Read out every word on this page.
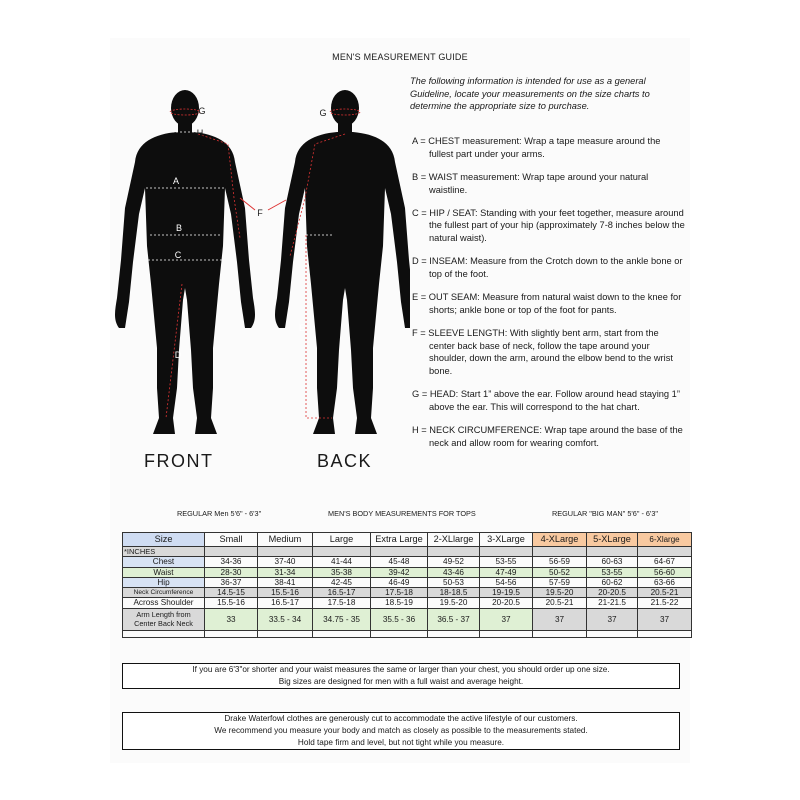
MEN'S MEASUREMENT GUIDE
The following information is intended for use as a general Guideline, locate your measurements on the size charts to determine the appropriate size to purchase.

A = CHEST measurement: Wrap a tape measure around the fullest part under your arms.

B = WAIST measurement: Wrap tape around your natural waistline.

C = HIP / SEAT: Standing with your feet together, measure around the fullest part of your hip (approximately 7-8 inches below the natural waist).

D = INSEAM: Measure from the Crotch down to the ankle bone or top of the foot.

E = OUT SEAM: Measure from natural waist down to the knee for shorts; ankle bone or top of the foot for pants.

F = SLEEVE LENGTH: With slightly bent arm, start from the center back base of neck, follow the tape around your shoulder, down the arm, around the elbow bend to the wrist bone.

G = HEAD: Start 1” above the ear. Follow around head staying 1” above the ear. This will correspond to the hat chart.

H = NECK CIRCUMFERENCE: Wrap tape around the base of the neck and allow room for wearing comfort.

A
B
C
D
E
F
G
H
G
FRONT	BACK
REGULAR Men 5'6" - 6'3"	MEN'S BODY MEASUREMENTS FOR TOPS	REGULAR "BIG MAN" 5'6" - 6'3"
Size	Small	Medium	Large	Extra Large	2-XLlarge	3-XLarge	4-XLarge	5-XLarge	6-Xlarge
*INCHES									
Chest	34-36	37-40	41-44	45-48	49-52	53-55	56-59	60-63	64-67
Waist	28-30	31-34	35-38	39-42	43-46	47-49	50-52	53-55	56-60
Hip	36-37	38-41	42-45	46-49	50-53	54-56	57-59	60-62	63-66
Neck Circumference	14.5-15	15.5-16	16.5-17	17.5-18	18-18.5	19-19.5	19.5-20	20-20.5	20.5-21
Across Shoulder	15.5-16	16.5-17	17.5-18	18.5-19	19.5-20	20-20.5	20.5-21	21-21.5	21.5-22
Arm Length from
Center Back Neck	33	33.5 - 34	34.75 - 35	35.5 - 36	36.5 - 37	37	37	37	37

If you are 6'3"or shorter and your waist measures the same or larger than your chest, you should order up one size.
Big sizes are designed for men with a full waist and average height.
Drake Waterfowl clothes are generously cut to accommodate the active lifestyle of our customers.
We recommend you measure your body and match as closely as possible to the measurements stated.
Hold tape firm and level, but not tight while you measure.
